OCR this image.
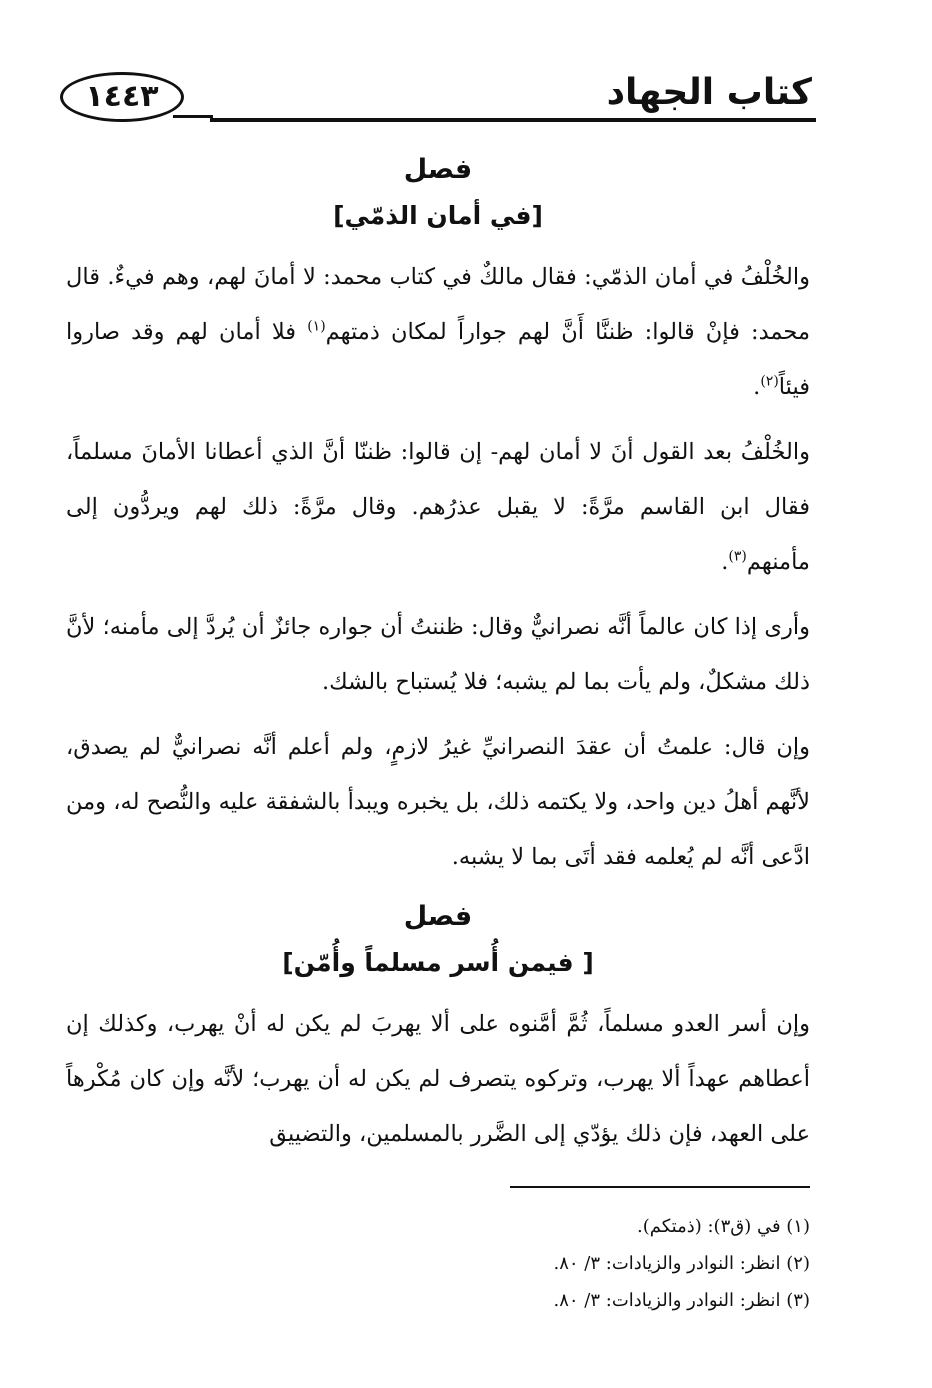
كتاب الجهاد
١٤٤٣

فصل

[في أمان الذمّي]

والخُلْفُ في أمان الذمّي: فقال مالكٌ في كتاب محمد: لا أمانَ لهم، وهم فيءٌ. قال محمد: فإنْ قالوا: ظننَّا أَنَّ لهم جواراً لمكان ذمتهم$^{(١)}$ فلا أمان لهم وقد صاروا فيئاً$^{(٢)}$.

والخُلْفُ بعد القول أنَ لا أمان لهم- إن قالوا: ظننّا أنَّ الذي أعطانا الأمانَ مسلماً، فقال ابن القاسم مرَّةً: لا يقبل عذرُهم. وقال مرَّةً: ذلك لهم ويردُّون إلى مأمنهم$^{(٣)}$.

وأرى إذا كان عالماً أنَّه نصرانيٌّ وقال: ظننتُ أن جواره جائزٌ أن يُردَّ إلى مأمنه؛ لأنَّ ذلك مشكلٌ، ولم يأت بما لم يشبه؛ فلا يُستباح بالشك.

وإن قال: علمتُ أن عقدَ النصرانيِّ غيرُ لازمٍ، ولم أعلم أنَّه نصرانيٌّ لم يصدق، لأنَّهم أهلُ دين واحد، ولا يكتمه ذلك، بل يخبره ويبدأ بالشفقة عليه والنُّصح له، ومن ادَّعى أنَّه لم يُعلمه فقد أتَى بما لا يشبه.

فصل

[ فيمن أُسر مسلماً وأُمّن]

وإن أسر العدو مسلماً، ثُمَّ أمَّنوه على ألا يهربَ لم يكن له أنْ يهرب، وكذلك إن أعطاهم عهداً ألا يهرب، وتركوه يتصرف لم يكن له أن يهرب؛ لأنَّه وإن كان مُكْرهاً على العهد، فإن ذلك يؤدّي إلى الضَّرر بالمسلمين، والتضييق

(١) في (ق٣): (ذمتكم).
(٢) انظر: النوادر والزيادات: ٣/ ٨٠.
(٣) انظر: النوادر والزيادات: ٣/ ٨٠.
